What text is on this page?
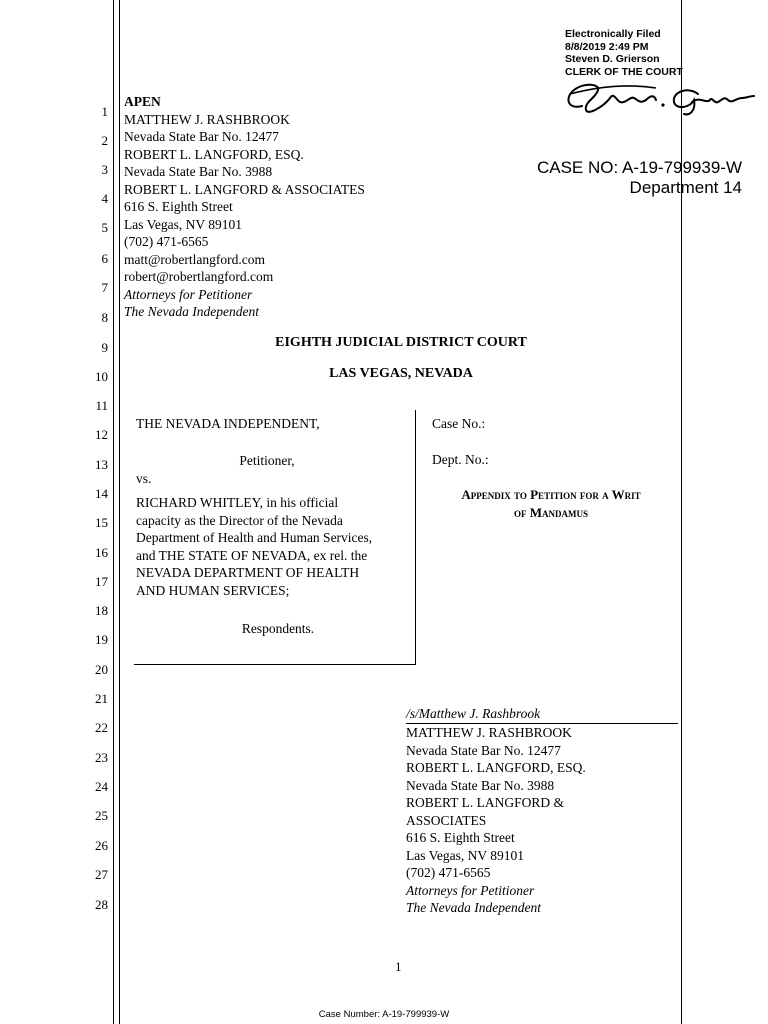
Electronically Filed
8/8/2019 2:49 PM
Steven D. Grierson
CLERK OF THE COURT
CASE NO: A-19-799939-W
Department 14
1
2
3
4
5
6
7
8
9
10
11
12
13
14
15
16
17
18
19
20
21
22
23
24
25
26
27
28
APEN
MATTHEW J. RASHBROOK
Nevada State Bar No. 12477
ROBERT L. LANGFORD, ESQ.
Nevada State Bar No. 3988
ROBERT L. LANGFORD & ASSOCIATES
616 S. Eighth Street
Las Vegas, NV 89101
(702) 471-6565
matt@robertlangford.com
robert@robertlangford.com
Attorneys for Petitioner
The Nevada Independent
EIGHTH JUDICIAL DISTRICT COURT
LAS VEGAS, NEVADA
THE NEVADA INDEPENDENT,
Petitioner,
vs.
RICHARD WHITLEY, in his official
capacity as the Director of the Nevada
Department of Health and Human Services,
and THE STATE OF NEVADA, ex rel. the
NEVADA DEPARTMENT OF HEALTH
AND HUMAN SERVICES;
Respondents.
Case No.:
Dept. No.:
Appendix to Petition for a Writ
of Mandamus
/s/Matthew J. Rashbrook
MATTHEW J. RASHBROOK
Nevada State Bar No. 12477
ROBERT L. LANGFORD, ESQ.
Nevada State Bar No. 3988
ROBERT L. LANGFORD &
ASSOCIATES
616 S. Eighth Street
Las Vegas, NV 89101
(702) 471-6565
Attorneys for Petitioner
The Nevada Independent
1
Case Number: A-19-799939-W
